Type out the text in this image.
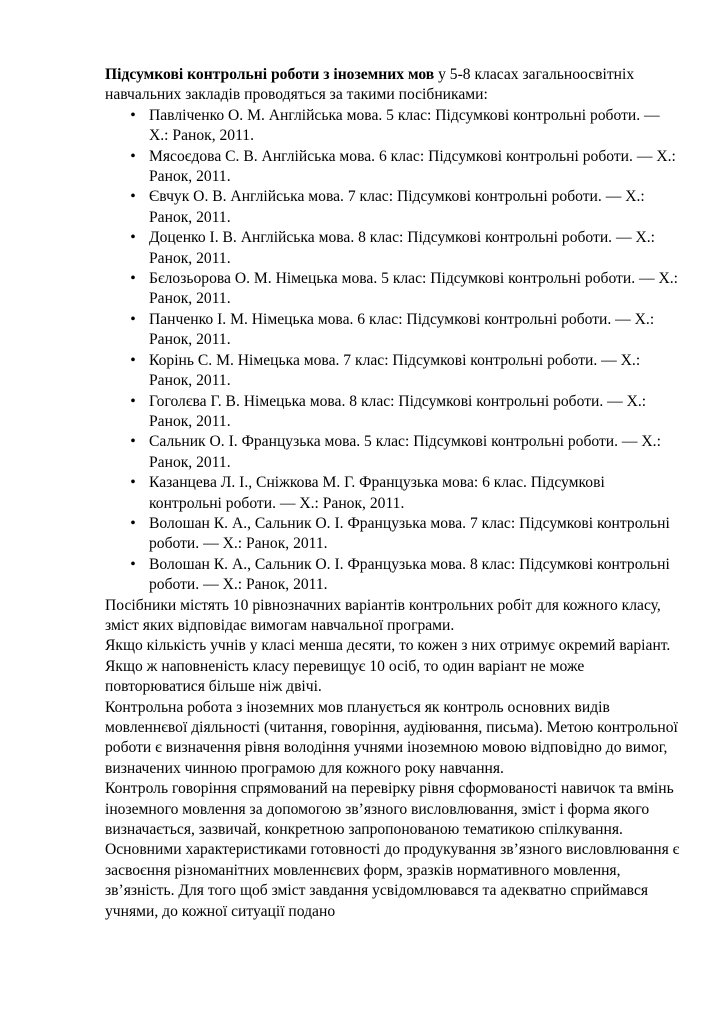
Підсумкові контрольні роботи з іноземних мов у 5-8 класах загальноосвітніх навчальних закладів проводяться за такими посібниками:

• Павліченко О. М. Англійська мова. 5 клас: Підсумкові контрольні роботи. — Х.: Ранок, 2011.
• Мясоєдова С. В. Англійська мова. 6 клас: Підсумкові контрольні роботи. — Х.: Ранок, 2011.
• Євчук О. В. Англійська мова. 7 клас: Підсумкові контрольні роботи. — Х.: Ранок, 2011.
• Доценко І. В. Англійська мова. 8 клас: Підсумкові контрольні роботи. — Х.: Ранок, 2011.
• Бєлозьорова О. М. Німецька мова. 5 клас: Підсумкові контрольні роботи. — Х.: Ранок, 2011.
• Панченко І. М. Німецька мова. 6 клас: Підсумкові контрольні роботи. — Х.: Ранок, 2011.
• Корінь С. М. Німецька мова. 7 клас: Підсумкові контрольні роботи. — Х.: Ранок, 2011.
• Гоголєва Г. В. Німецька мова. 8 клас: Підсумкові контрольні роботи. — Х.: Ранок, 2011.
• Сальник О. І. Французька мова. 5 клас: Підсумкові контрольні роботи. — Х.: Ранок, 2011.
• Казанцева Л. І., Сніжкова М. Г. Французька мова: 6 клас. Підсумкові контрольні роботи. — Х.: Ранок, 2011.
• Волошан К. А., Сальник О. І. Французька мова. 7 клас: Підсумкові контрольні роботи. — Х.: Ранок, 2011.
• Волошан К. А., Сальник О. І. Французька мова. 8 клас: Підсумкові контрольні роботи. — Х.: Ранок, 2011.

Посібники містять 10 рівнозначних варіантів контрольних робіт для кожного класу, зміст яких відповідає вимогам навчальної програми.

Якщо кількість учнів у класі менша десяти, то кожен з них отримує окремий варіант. Якщо ж наповненість класу перевищує 10 осіб, то один варіант не може повторюватися більше ніж двічі.

Контрольна робота з іноземних мов планується як контроль основних видів мовленнєвої діяльності (читання, говоріння, аудіювання, письма). Метою контрольної роботи є визначення рівня володіння учнями іноземною мовою відповідно до вимог, визначених чинною програмою для кожного року навчання.

Контроль говоріння спрямований на перевірку рівня сформованості навичок та вмінь іноземного мовлення за допомогою зв’язного висловлювання, зміст і форма якого визначається, зазвичай, конкретною запропонованою тематикою спілкування. Основними характеристиками готовності до продукування зв’язного висловлювання є засвоєння різноманітних мовленнєвих форм, зразків нормативного мовлення, зв’язність. Для того щоб зміст завдання усвідомлювався та адекватно сприймався учнями, до кожної ситуації подано
